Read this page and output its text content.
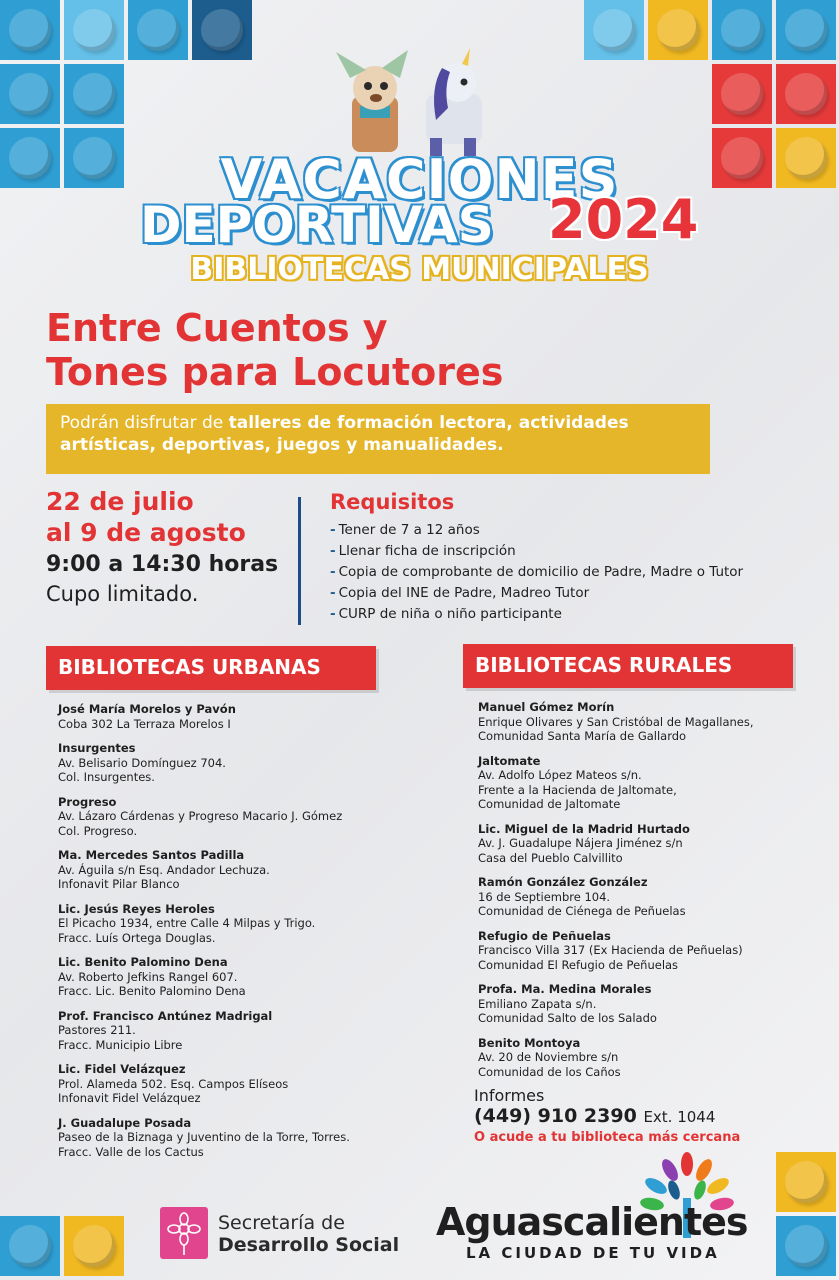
VACACIONES
DEPORTIVAS	2024
BIBLIOTECAS MUNICIPALES
Entre Cuentos y
Tones para Locutores
Podrán disfrutar de talleres de formación lectora, actividades artísticas, deportivas, juegos y manualidades.
22 de julio
al 9 de agosto
9:00 a 14:30 horas
Cupo limitado.
Requisitos
- Tener de 7 a 12 años
- Llenar ficha de inscripción
- Copia de comprobante de domicilio de Padre, Madre o Tutor
- Copia del INE de Padre, Madreo Tutor
- CURP de niña o niño participante
BIBLIOTECAS URBANAS	BIBLIOTECAS RURALES
José María Morelos y Pavón
Coba 302 La Terraza Morelos I
Insurgentes
Av. Belisario Domínguez 704.
Col. Insurgentes.
Progreso
Av. Lázaro Cárdenas y Progreso Macario J. Gómez
Col. Progreso.
Ma. Mercedes Santos Padilla
Av. Águila s/n Esq. Andador Lechuza.
Infonavit Pilar Blanco
Lic. Jesús Reyes Heroles
El Picacho 1934, entre Calle 4 Milpas y Trigo.
Fracc. Luís Ortega Douglas.
Lic. Benito Palomino Dena
Av. Roberto Jefkins Rangel 607.
Fracc. Lic. Benito Palomino Dena
Prof. Francisco Antúnez Madrigal
Pastores 211.
Fracc. Municipio Libre
Lic. Fidel Velázquez
Prol. Alameda 502. Esq. Campos Elíseos
Infonavit Fidel Velázquez
J. Guadalupe Posada
Paseo de la Biznaga y Juventino de la Torre, Torres.
Fracc. Valle de los Cactus
Manuel Gómez Morín
Enrique Olivares y San Cristóbal de Magallanes,
Comunidad Santa María de Gallardo
Jaltomate
Av. Adolfo López Mateos s/n.
Frente a la Hacienda de Jaltomate,
Comunidad de Jaltomate
Lic. Miguel de la Madrid Hurtado
Av. J. Guadalupe Nájera Jiménez s/n
Casa del Pueblo Calvillito
Ramón González González
16 de Septiembre 104.
Comunidad de Ciénega de Peñuelas
Refugio de Peñuelas
Francisco Villa 317 (Ex Hacienda de Peñuelas)
Comunidad El Refugio de Peñuelas
Profa. Ma. Medina Morales
Emiliano Zapata s/n.
Comunidad Salto de los Salado
Benito Montoya
Av. 20 de Noviembre s/n
Comunidad de los Caños
Informes
(449) 910 2390 Ext. 1044
O acude a tu biblioteca más cercana
Secretaría de
Desarrollo Social
Aguascalientes
LA CIUDAD DE TU VIDA
